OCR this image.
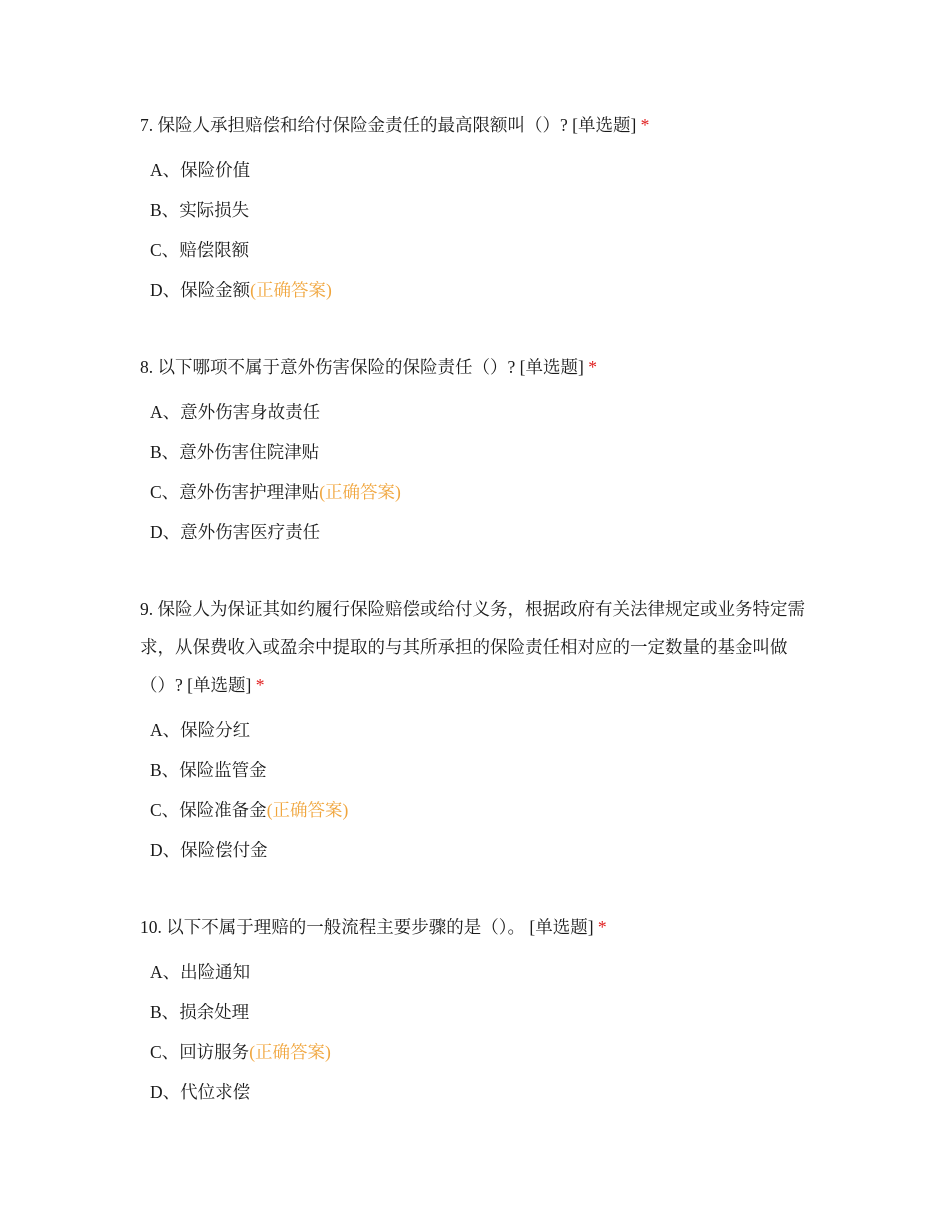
7. 保险人承担赔偿和给付保险金责任的最高限额叫（）? [单选题] *

A、保险价值
B、实际损失
C、赔偿限额
D、保险金额(正确答案)

8. 以下哪项不属于意外伤害保险的保险责任（）? [单选题] *

A、意外伤害身故责任
B、意外伤害住院津贴
C、意外伤害护理津贴(正确答案)
D、意外伤害医疗责任

9. 保险人为保证其如约履行保险赔偿或给付义务，根据政府有关法律规定或业务特定需求，从保费收入或盈余中提取的与其所承担的保险责任相对应的一定数量的基金叫做（）? [单选题] *

A、保险分红
B、保险监管金
C、保险准备金(正确答案)
D、保险偿付金

10. 以下不属于理赔的一般流程主要步骤的是（）。 [单选题] *

A、出险通知
B、损余处理
C、回访服务(正确答案)
D、代位求偿
